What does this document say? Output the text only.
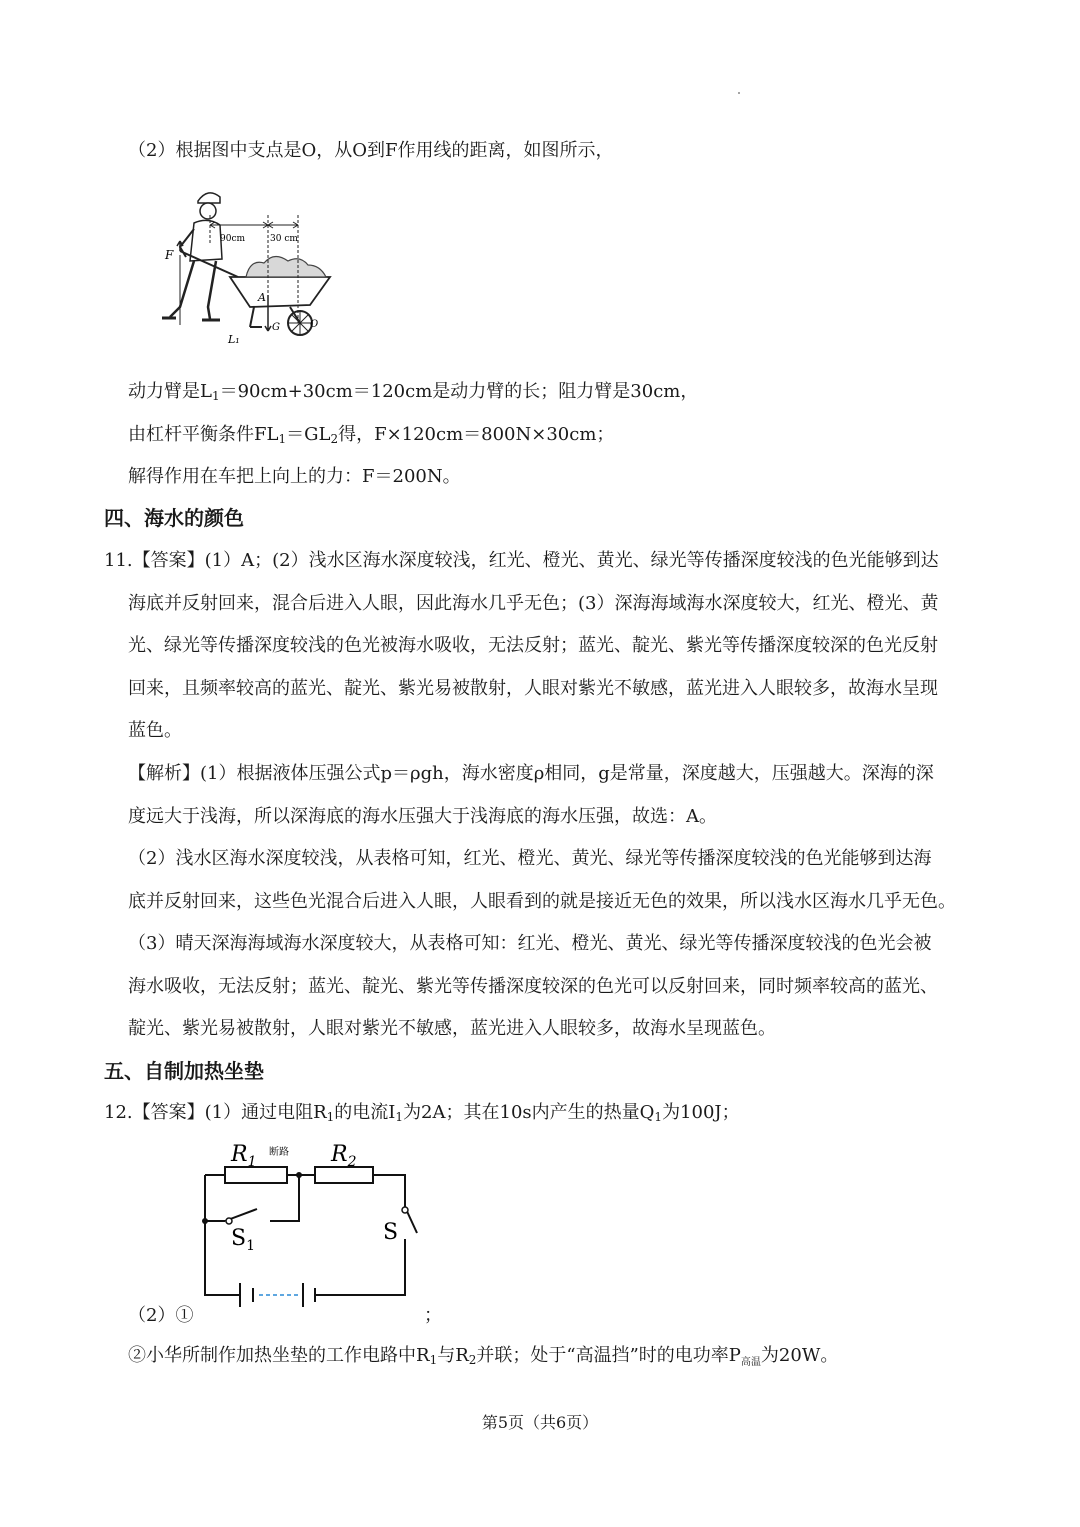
（2）根据图中支点是O，从O到F作用线的距离，如图所示，
90cm	30 cm
F
A
G	O
L₁
动力臂是$L_1=90cm+30cm=120cm$是动力臂的长；阻力臂是30cm，
由杠杆平衡条件$FL_1=GL_2$得，F×120cm＝800N×30cm；
解得作用在车把上向上的力：F＝200N。
四、海水的颜色
11.【答案】(1）A；(2）浅水区海水深度较浅，红光、橙光、黄光、绿光等传播深度较浅的色光能够到达
海底并反射回来，混合后进入人眼，因此海水几乎无色；(3）深海海域海水深度较大，红光、橙光、黄
光、绿光等传播深度较浅的色光被海水吸收，无法反射；蓝光、靛光、紫光等传播深度较深的色光反射
回来，且频率较高的蓝光、靛光、紫光易被散射，人眼对紫光不敏感，蓝光进入人眼较多，故海水呈现
蓝色。
【解析】(1）根据液体压强公式p＝ρgh，海水密度ρ相同，g是常量，深度越大，压强越大。深海的深
度远大于浅海，所以深海底的海水压强大于浅海底的海水压强，故选：A。
（2）浅水区海水深度较浅，从表格可知，红光、橙光、黄光、绿光等传播深度较浅的色光能够到达海
底并反射回来，这些色光混合后进入人眼，人眼看到的就是接近无色的效果，所以浅水区海水几乎无色。
（3）晴天深海海域海水深度较大，从表格可知：红光、橙光、黄光、绿光等传播深度较浅的色光会被
海水吸收，无法反射；蓝光、靛光、紫光等传播深度较深的色光可以反射回来，同时频率较高的蓝光、
靛光、紫光易被散射，人眼对紫光不敏感，蓝光进入人眼较多，故海水呈现蓝色。
五、自制加热坐垫
12.【答案】(1）通过电阻$R_1$的电流$I_1$为2A；其在10s内产生的热量$Q_1$为100J；
$R_1$
断路 $R_2$
$S_1$
S
（2）①	；
②小华所制作加热坐垫的工作电路中$R_1$与$R_2$并联；处于“高温挡”时的电功率$P_{高温}$为20W。
第5页（共6页）
